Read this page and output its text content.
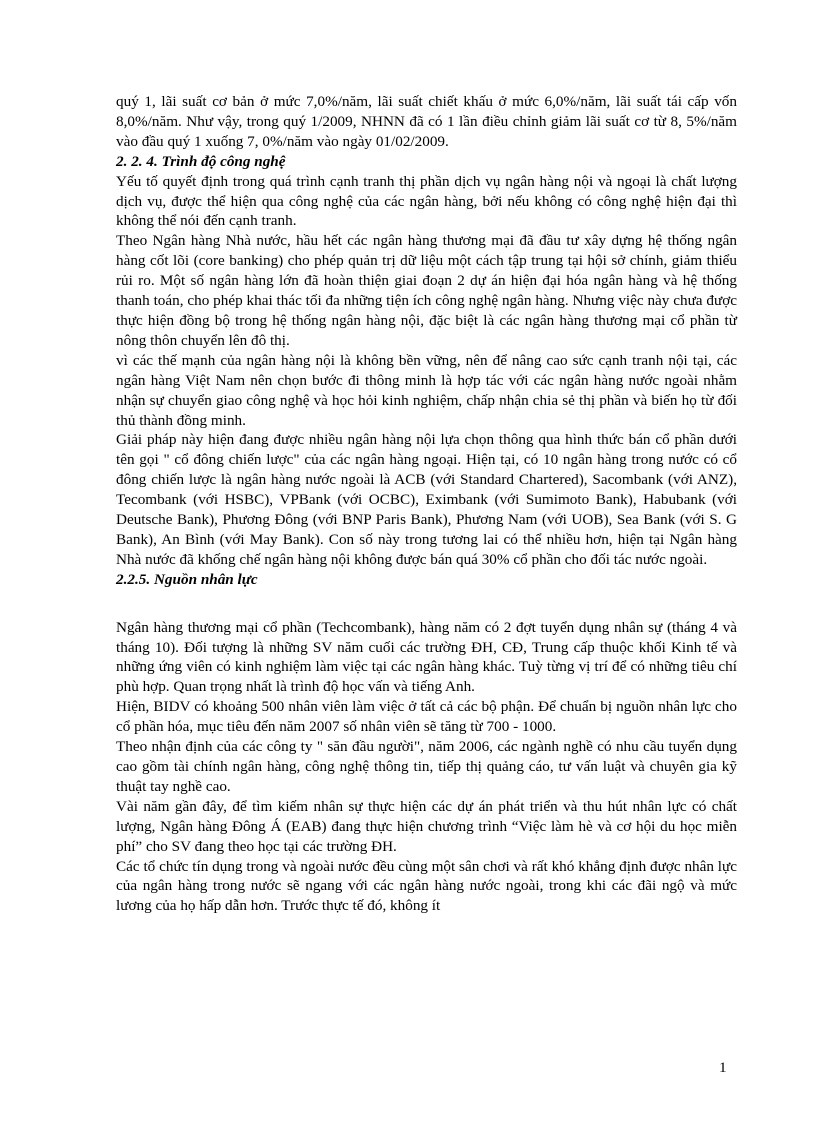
quý 1, lãi suất cơ bản ở mức 7,0%/năm, lãi suất chiết khấu ở mức 6,0%/năm, lãi suất tái cấp vốn 8,0%/năm. Như vậy, trong quý 1/2009, NHNN đã có 1 lần điều chỉnh giảm lãi suất cơ từ 8, 5%/năm vào đầu quý 1 xuống 7, 0%/năm vào ngày 01/02/2009.

2. 2. 4. Trình độ công nghệ

Yếu tố quyết định trong quá trình cạnh tranh thị phần dịch vụ ngân hàng nội và ngoại là chất lượng dịch vụ, được thể hiện qua công nghệ của các ngân hàng, bởi nếu không có công nghệ hiện đại thì không thể nói đến cạnh tranh.

Theo Ngân hàng Nhà nước, hầu hết các ngân hàng thương mại đã đầu tư xây dựng hệ thống ngân hàng cốt lõi (core banking) cho phép quản trị dữ liệu một cách tập trung tại hội sở chính, giảm thiểu rủi ro. Một số ngân hàng lớn đã hoàn thiện giai đoạn 2 dự án hiện đại hóa ngân hàng và hệ thống thanh toán, cho phép khai thác tối đa những tiện ích công nghệ ngân hàng. Nhưng việc này chưa được thực hiện đồng bộ trong hệ thống ngân hàng nội, đặc biệt là các ngân hàng thương mại cổ phần từ nông thôn chuyển lên đô thị.

vì các thế mạnh của ngân hàng nội là không bền vững, nên để nâng cao sức cạnh tranh nội tại, các ngân hàng Việt Nam nên chọn bước đi thông minh là hợp tác với các ngân hàng nước ngoài nhằm nhận sự chuyển giao công nghệ và học hỏi kinh nghiệm, chấp nhận chia sẻ thị phần và biến họ từ đối thủ thành đồng minh.

Giải pháp này hiện đang được nhiều ngân hàng nội lựa chọn thông qua hình thức bán cổ phần dưới tên gọi " cổ đông chiến lược" của các ngân hàng ngoại. Hiện tại, có 10 ngân hàng trong nước có cổ đông chiến lược là ngân hàng nước ngoài là ACB (với Standard Chartered), Sacombank (với ANZ), Tecombank (với HSBC), VPBank (với OCBC), Eximbank (với Sumimoto Bank), Habubank (với Deutsche Bank), Phương Đông (với BNP Paris Bank), Phương Nam (với UOB), Sea Bank (với S. G Bank), An Bình (với May Bank). Con số này trong tương lai có thể nhiều hơn, hiện tại Ngân hàng Nhà nước đã khống chế ngân hàng nội không được bán quá 30% cổ phần cho đối tác nước ngoài.

2.2.5. Nguồn nhân lực

Ngân hàng thương mại cổ phần (Techcombank), hàng năm có 2 đợt tuyển dụng nhân sự (tháng 4 và tháng 10). Đối tượng là những SV năm cuối các trường ĐH, CĐ, Trung cấp thuộc khối Kinh tế và những ứng viên có kinh nghiệm làm việc tại các ngân hàng khác. Tuỳ từng vị trí để có những tiêu chí phù hợp. Quan trọng nhất là trình độ học vấn và tiếng Anh.

Hiện, BIDV có khoảng 500 nhân viên làm việc ở tất cả các bộ phận. Để chuẩn bị nguồn nhân lực cho cổ phần hóa, mục tiêu đến năm 2007 số nhân viên sẽ tăng từ 700 - 1000.

Theo nhận định của các công ty " săn đầu người", năm 2006, các ngành nghề có nhu cầu tuyển dụng cao gồm tài chính ngân hàng, công nghệ thông tin, tiếp thị quảng cáo, tư vấn luật và chuyên gia kỹ thuật tay nghề cao.

Vài năm gần đây, để tìm kiếm nhân sự thực hiện các dự án phát triển và thu hút nhân lực có chất lượng, Ngân hàng Đông Á (EAB) đang thực hiện chương trình “Việc làm hè và cơ hội du học miễn phí” cho SV đang theo học tại các trường ĐH.

Các tổ chức tín dụng trong và ngoài nước đều cùng một sân chơi và rất khó khẳng định được nhân lực của ngân hàng trong nước sẽ ngang với các ngân hàng nước ngoài, trong khi các đãi ngộ và mức lương của họ hấp dẫn hơn. Trước thực tế đó, không ít

1
